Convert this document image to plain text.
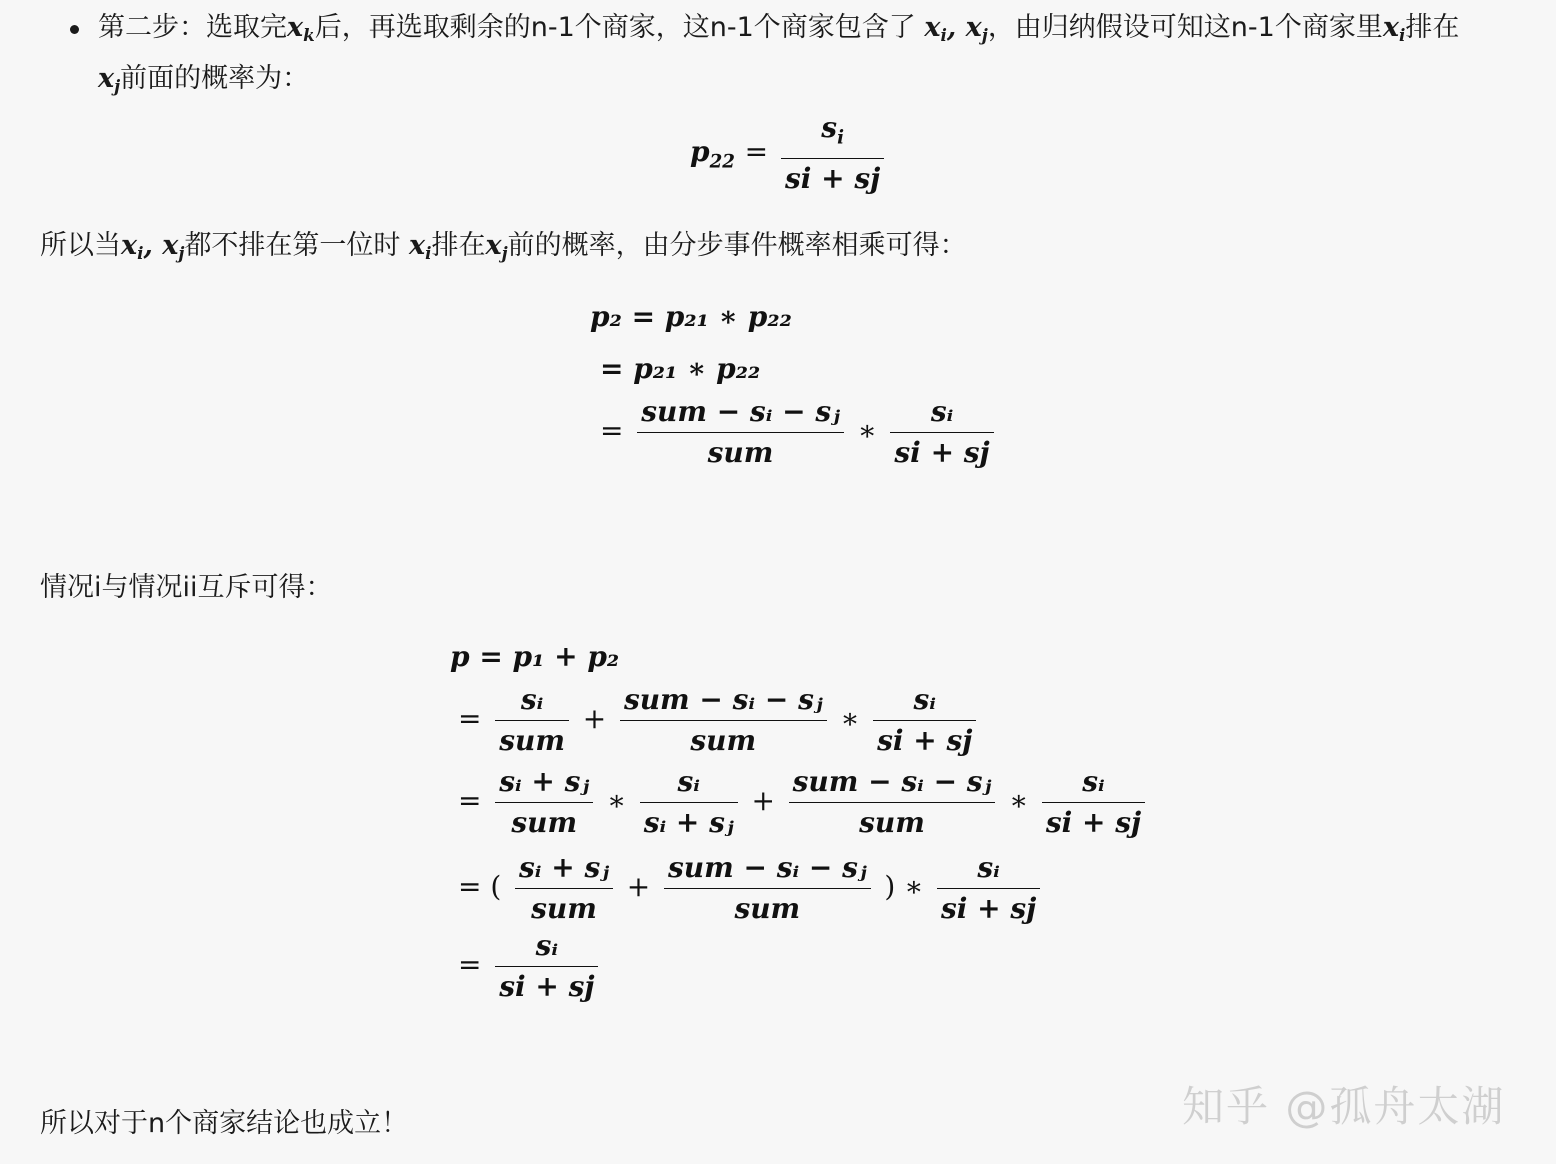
第二步：选取完$x_k$后，再选取剩余的n-1个商家，这n-1个商家包含了 $x_i$, $x_j$，由归纳假设可知这n-1个商家里$x_i$排在
$x_j$前面的概率为：
$p_{22} = \frac{s_i}{si + sj}$
所以当$x_i$, $x_j$都不排在第一位时 $x_i$排在$x_j$前的概率，由分步事件概率相乘可得：
p₂ = p₂₁ ∗ p₂₂
= p₂₁ ∗ p₂₂
= $\frac{\text{sum − sᵢ − sⱼ}}{\text{sum}}$ ∗ $\frac{\text{sᵢ}}{si + sj}$
情况i与情况ii互斥可得：
p = p₁ + p₂
= $\frac{\text{sᵢ}}{\text{sum}} + \frac{\text{sum − sᵢ − sⱼ}}{\text{sum}}$ ∗ $\frac{\text{sᵢ}}{si + sj}$
= $\frac{\text{sᵢ + sⱼ}}{\text{sum}}$ ∗ $\frac{\text{sᵢ}}{\text{sᵢ + sⱼ}} + \frac{\text{sum − sᵢ − sⱼ}}{\text{sum}}$ ∗ $\frac{\text{sᵢ}}{si + sj}$
= ( $\frac{\text{sᵢ + sⱼ}}{\text{sum}} + \frac{\text{sum − sᵢ − sⱼ}}{\text{sum}}$ ) ∗ $\frac{\text{sᵢ}}{si + sj}$
= $\frac{\text{sᵢ}}{si + sj}$
所以对于n个商家结论也成立！	知乎 @孤舟太湖
